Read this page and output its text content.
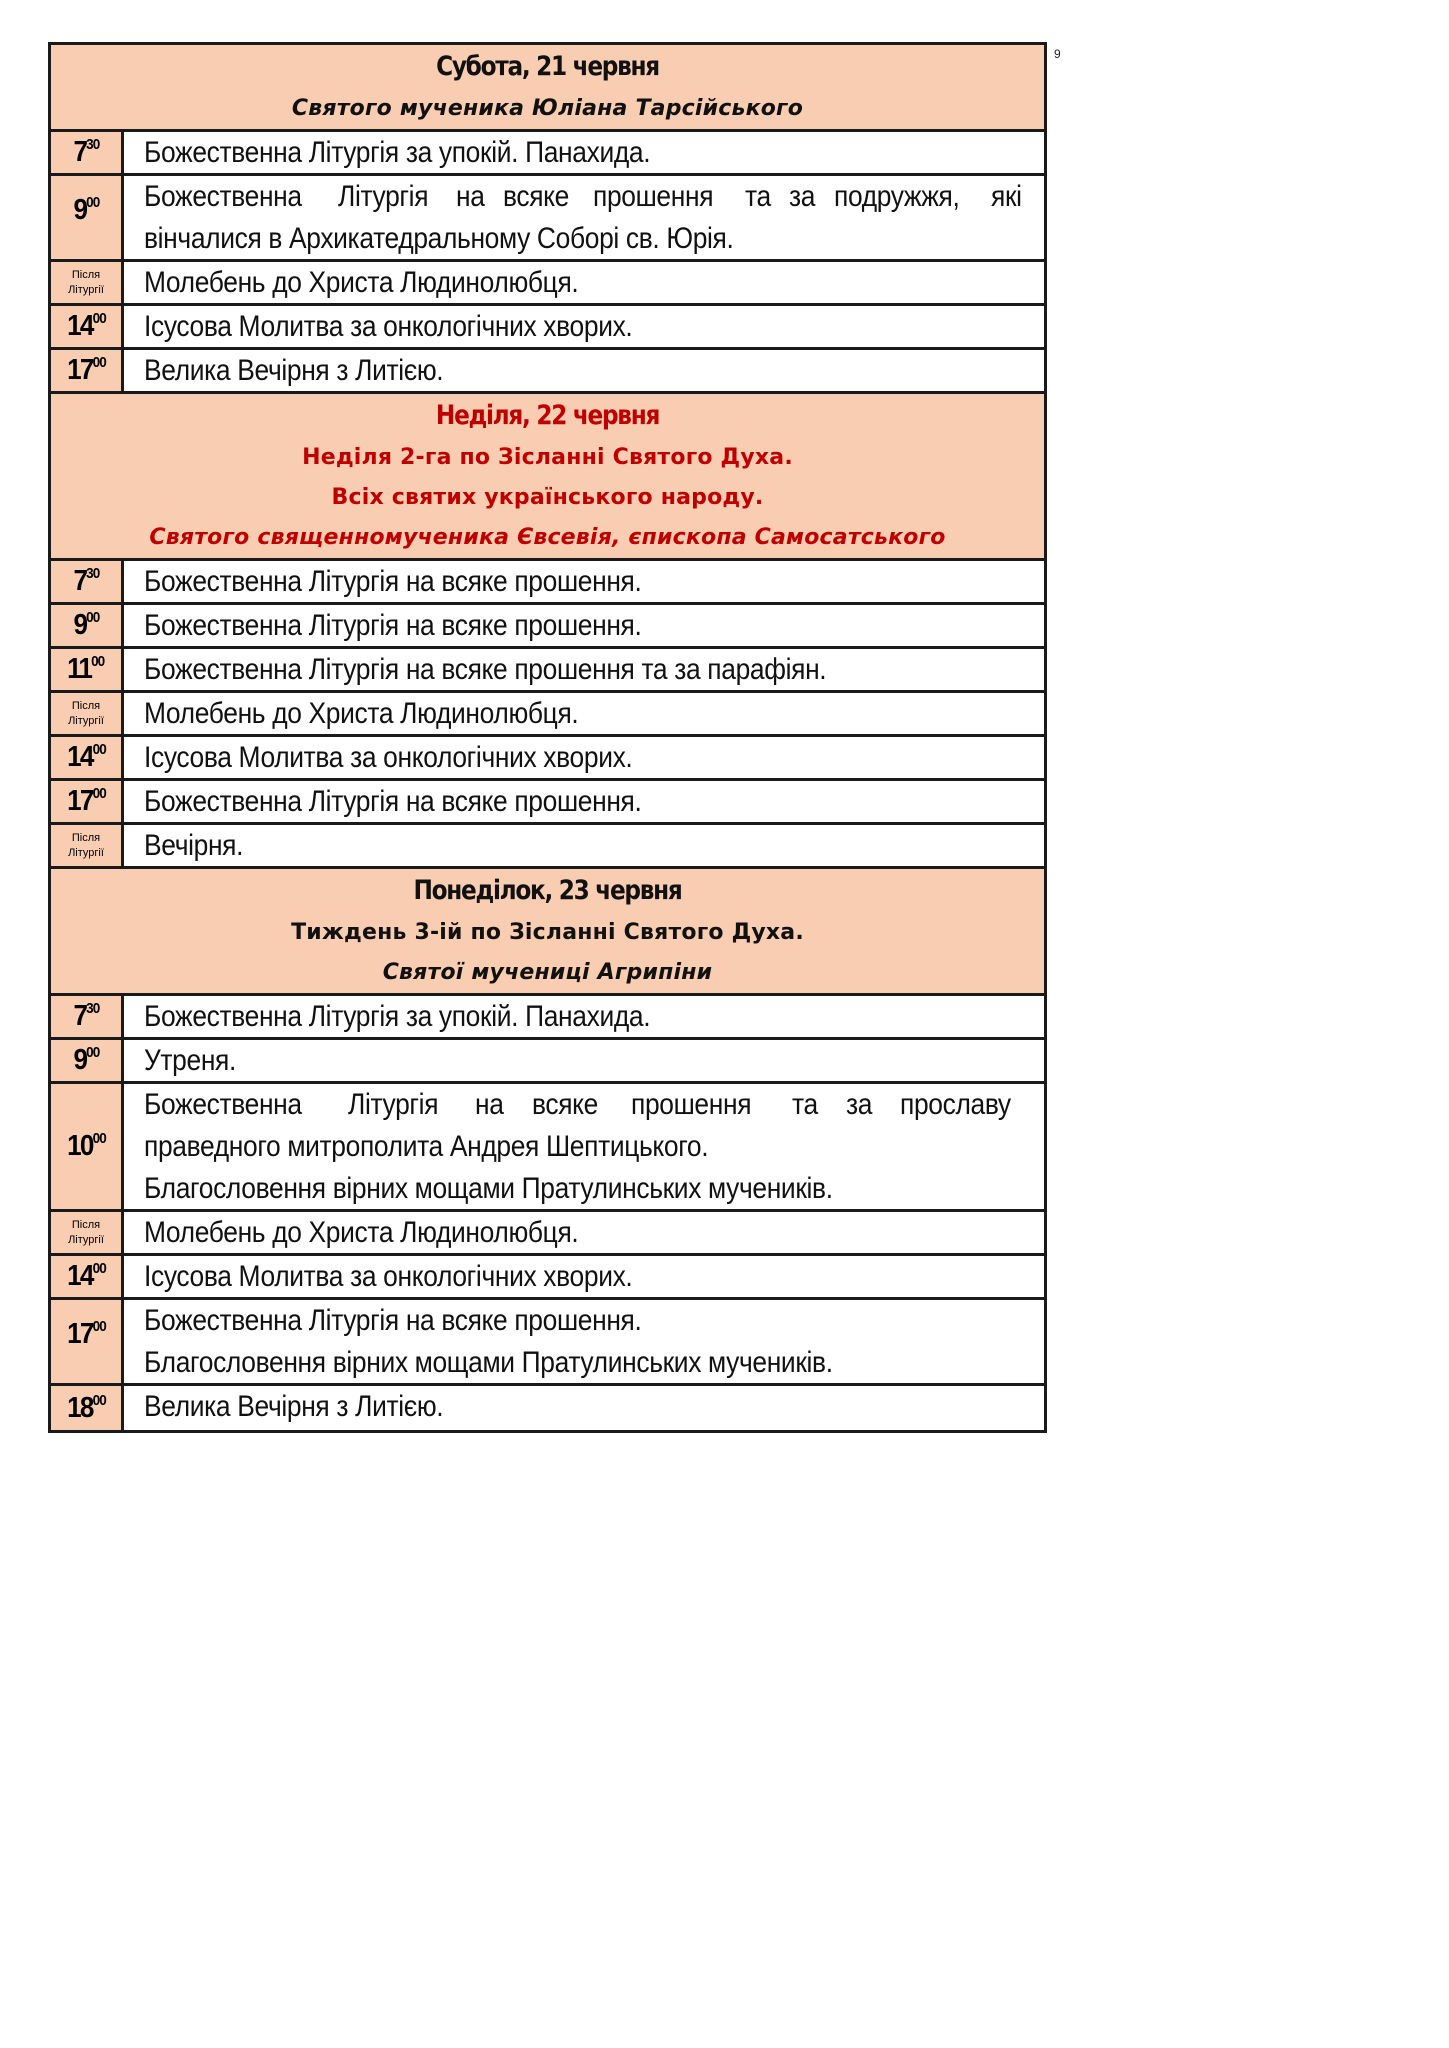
9
Субота, 21 червня
Святого мученика Юліана Тарсійського
$7^{30}$ Божественна Літургія за упокій. Панахида.
$9^{00}$ Божественна Літургія на всяке прошення та за подружжя, які
вінчалися в Архикатедральному Соборі св. Юрія.
Після
Літургії Молебень до Христа Людинолюбця.
$14^{00}$ Ісусова Молитва за онкологічних хворих.
$17^{00}$ Велика Вечірня з Литією.
Неділя, 22 червня
Неділя 2-га по Зісланні Святого Духа.
Всіх святих українського народу.
Святого священномученика Євсевія, єпископа Самосатського
$7^{30}$ Божественна Літургія на всяке прошення.
$9^{00}$ Божественна Літургія на всяке прошення.
$11^{00}$ Божественна Літургія на всяке прошення та за парафіян.
Після
Літургії Молебень до Христа Людинолюбця.
$14^{00}$ Ісусова Молитва за онкологічних хворих.
$17^{00}$ Божественна Літургія на всяке прошення.
Після
Літургії Вечірня.
Понеділок, 23 червня
Тиждень 3-ій по Зісланні Святого Духа.
Святої мучениці Агрипіни
$7^{30}$ Божественна Літургія за упокій. Панахида.
$9^{00}$ Утреня.
$10^{00}$
Божественна Літургія на всяке прошення та за прославу
праведного митрополита Андрея Шептицького.
Благословення вірних мощами Пратулинських мучеників.
Після
Літургії Молебень до Христа Людинолюбця.
$14^{00}$ Ісусова Молитва за онкологічних хворих.
$17^{00}$ Божественна Літургія на всяке прошення.
Благословення вірних мощами Пратулинських мучеників.
$18^{00}$ Велика Вечірня з Литією.
